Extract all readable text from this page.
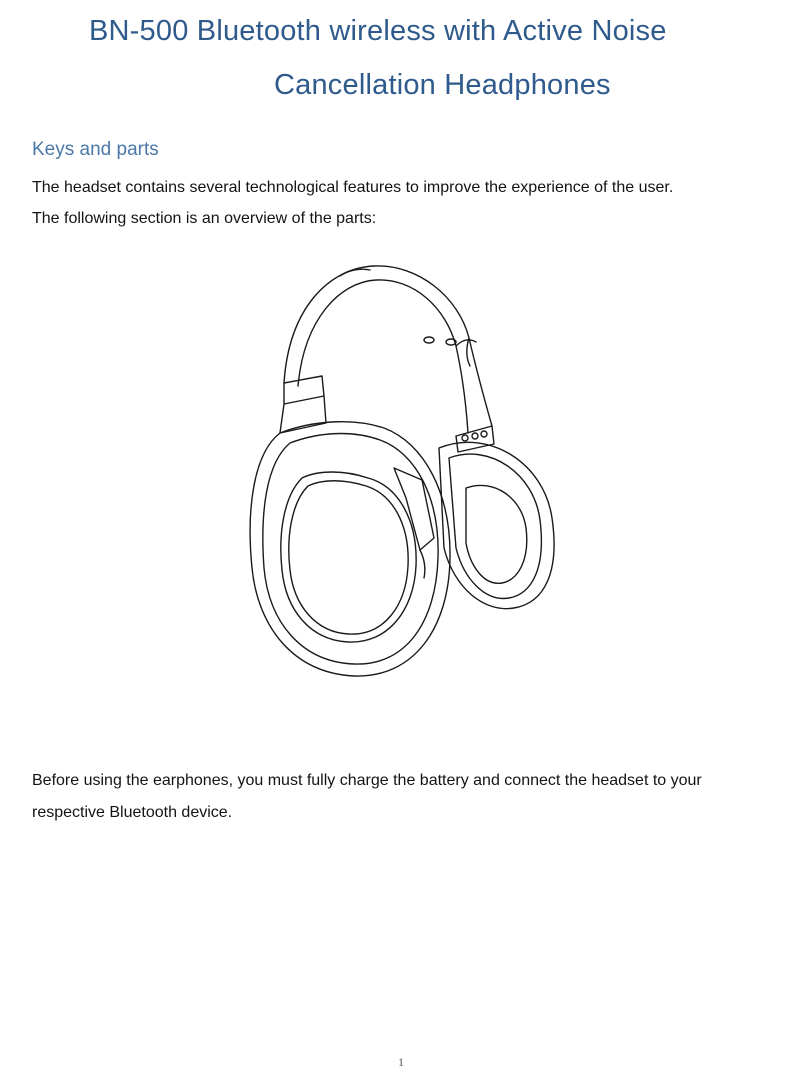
BN-500 Bluetooth wireless with Active Noise
Cancellation Headphones
Keys and parts

The headset contains several technological features to improve the experience of the user.

The following section is an overview of the parts:

Before using the earphones, you must fully charge the battery and connect the headset to your

respective Bluetooth device.

1
